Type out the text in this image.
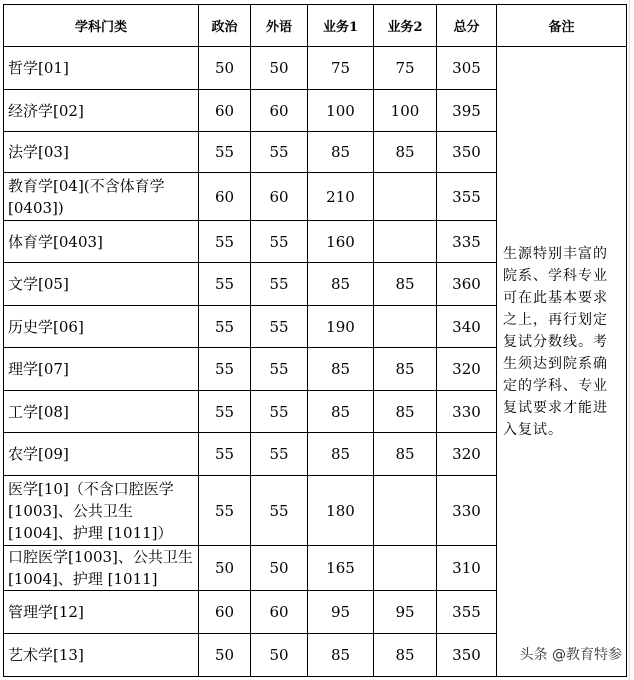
学科门类	政治	外语	业务1	业务2	总分	备注
哲学[01]	50	50	75	75	305	生源特别丰富的院系、学科专业可在此基本要求之上，再行划定复试分数线。考生须达到院系确定的学科、专业复试要求才能进入复试。

经济学[02]	60	60	100	100	395	
法学[03]	55	55	85	85	350	
教育学[04](不含体育学[0403])	60	60	210		355	
体育学[0403]	55	55	160		335	
文学[05]	55	55	85	85	360	
历史学[06]	55	55	190		340	
理学[07]	55	55	85	85	320	
工学[08]	55	55	85	85	330	
农学[09]	55	55	85	85	320	
医学[10]（不含口腔医学[1003]、公共卫生[1004]、护理 [1011]）	55	55	180		330	
口腔医学[1003]、公共卫生 [1004]、护理 [1011]	50	50	165		310	
管理学[12]	60	60	95	95	355	
艺术学[13]	50	50	85	85	350		头条 @教育特参
